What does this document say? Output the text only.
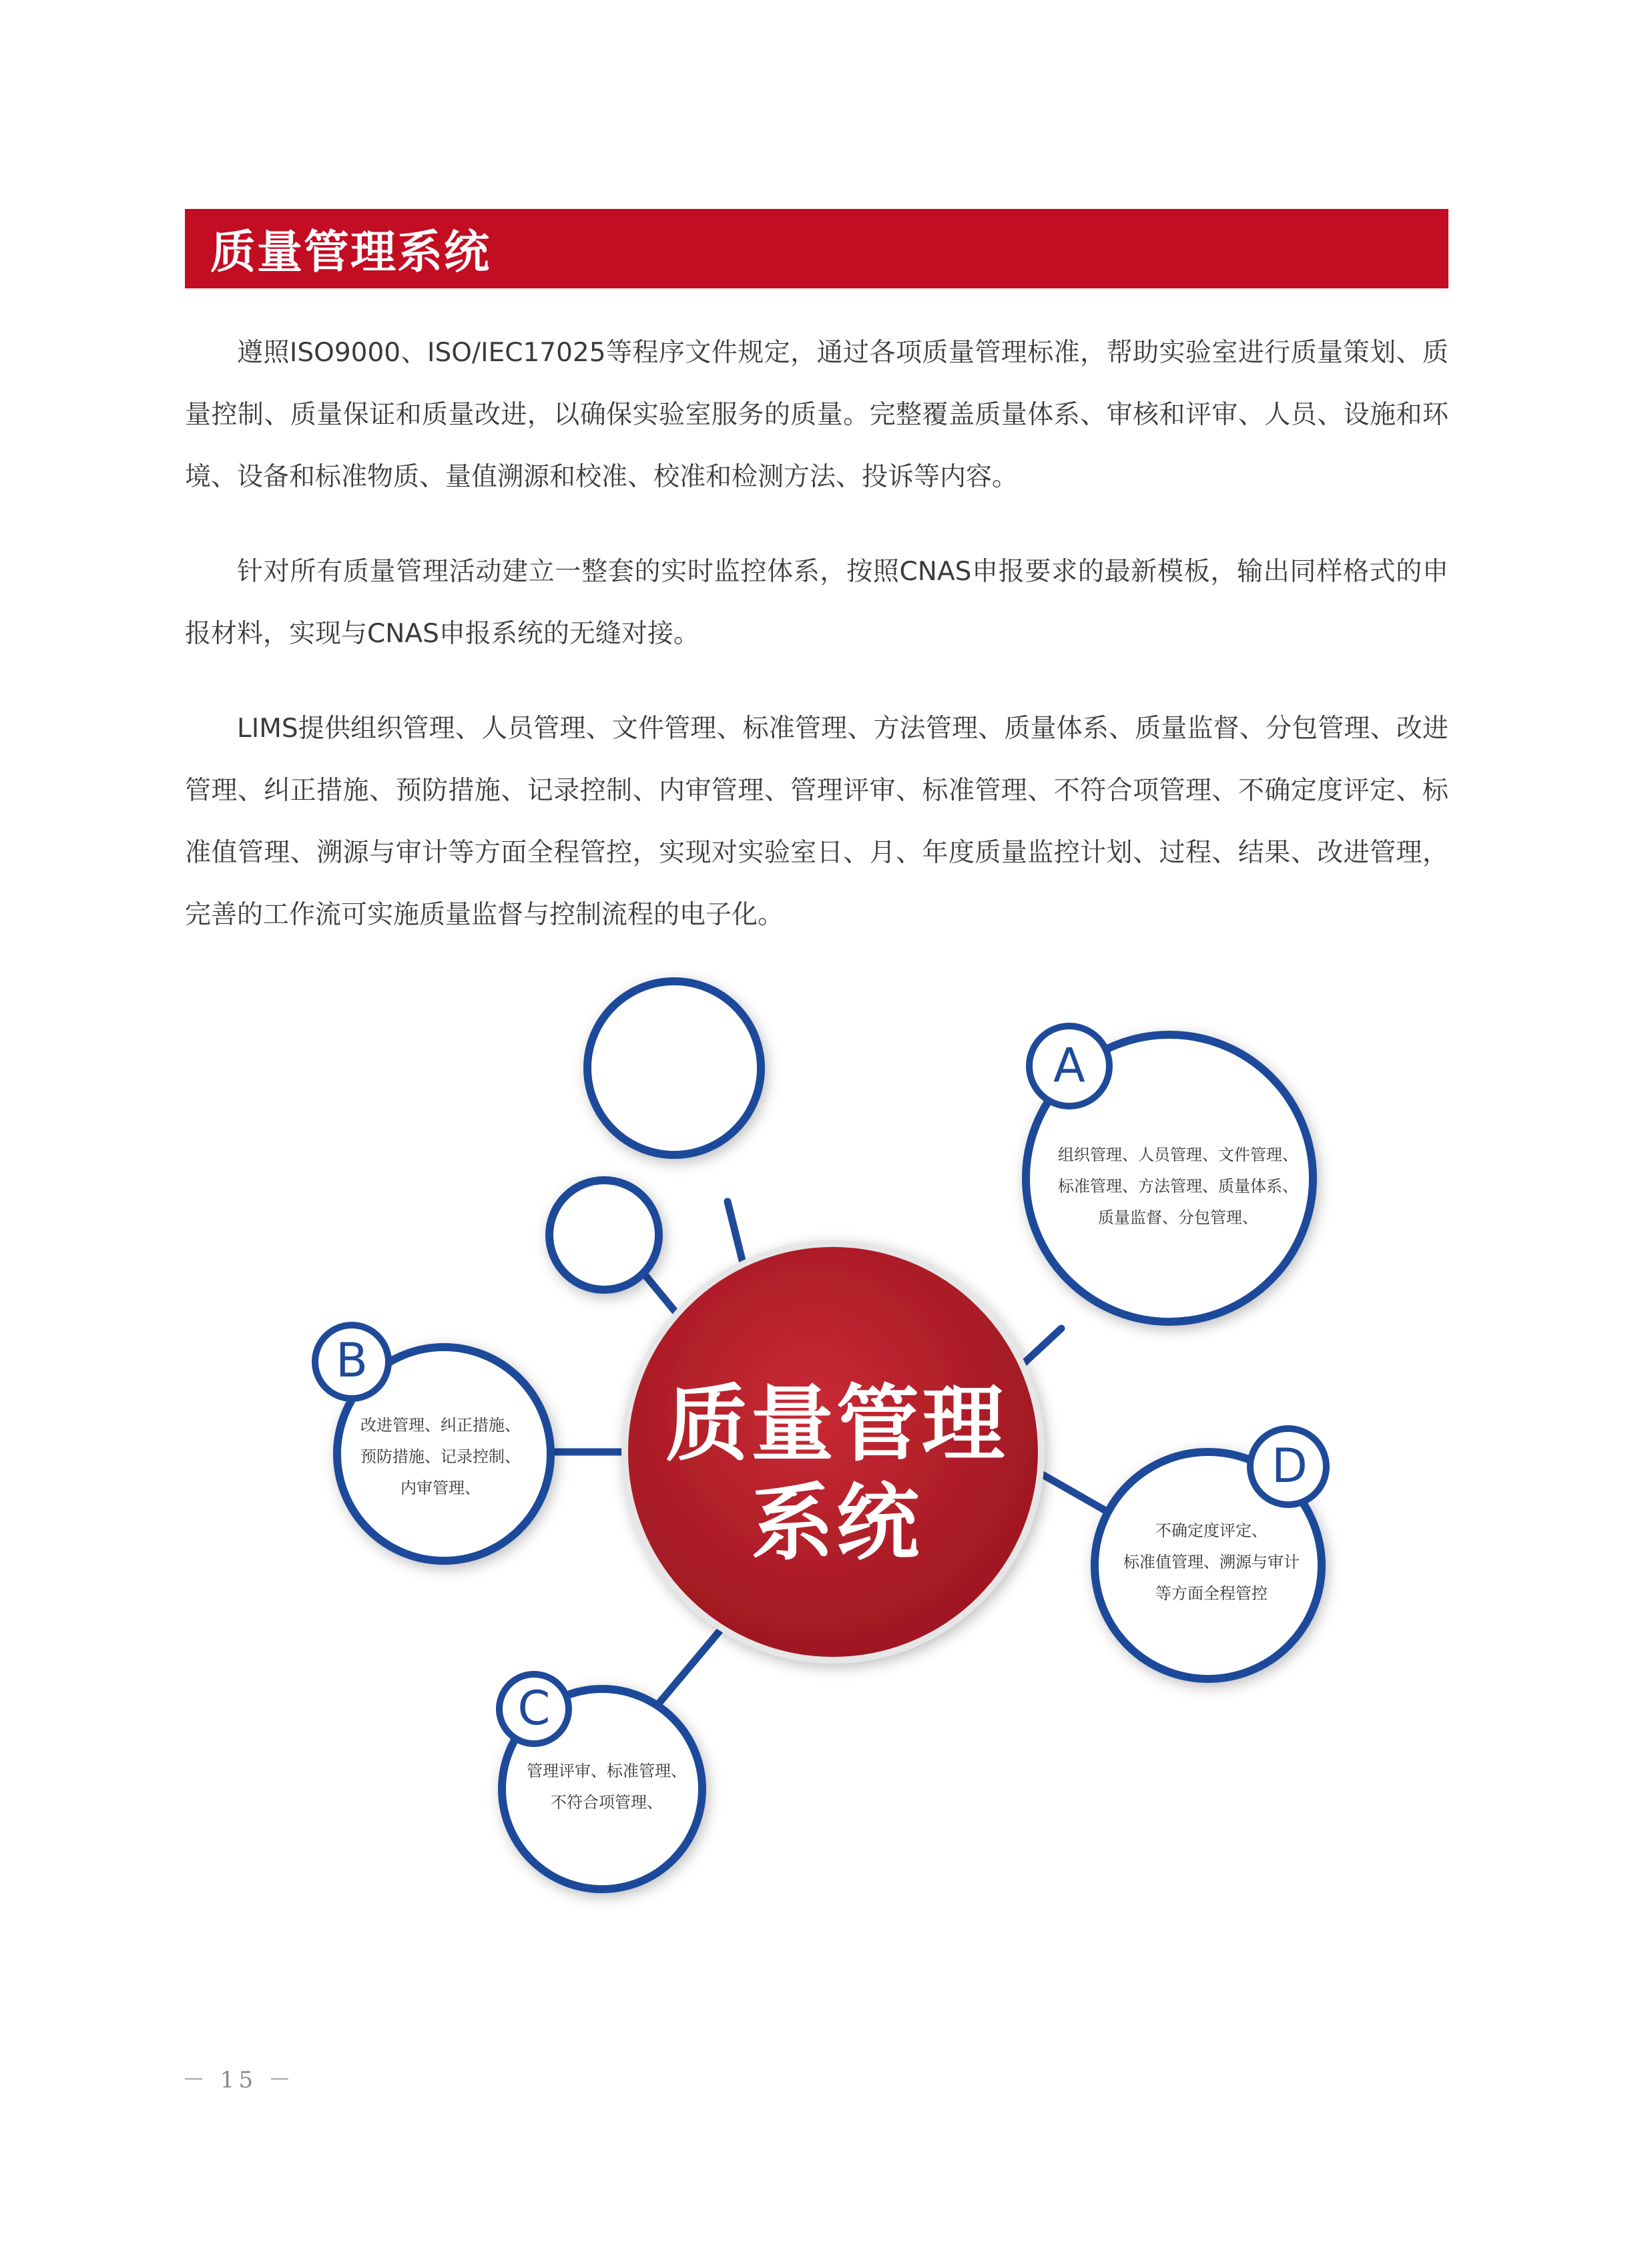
质量管理系统

遵照ISO9000、ISO/IEC17025等程序文件规定，通过各项质量管理标准，帮助实验室进行质量策划、质量控制、质量保证和质量改进，以确保实验室服务的质量。完整覆盖质量体系、审核和评审、人员、设施和环境、设备和标准物质、量值溯源和校准、校准和检测方法、投诉等内容。

针对所有质量管理活动建立一整套的实时监控体系，按照CNAS申报要求的最新模板，输出同样格式的申报材料，实现与CNAS申报系统的无缝对接。

LIMS提供组织管理、人员管理、文件管理、标准管理、方法管理、质量体系、质量监督、分包管理、改进管理、纠正措施、预防措施、记录控制、内审管理、管理评审、标准管理、不符合项管理、不确定度评定、标准值管理、溯源与审计等方面全程管控，实现对实验室日、月、年度质量监控计划、过程、结果、改进管理，完善的工作流可实施质量监督与控制流程的电子化。

质量管理
系统
A
B
C
D
组织管理、人员管理、文件管理、
标准管理、方法管理、质量体系、
质量监督、分包管理、
改进管理、纠正措施、
预防措施、记录控制、
内审管理、
管理评审、标准管理、
不符合项管理、
不确定度评定、
标准值管理、溯源与审计
等方面全程管控
－ 15 －
